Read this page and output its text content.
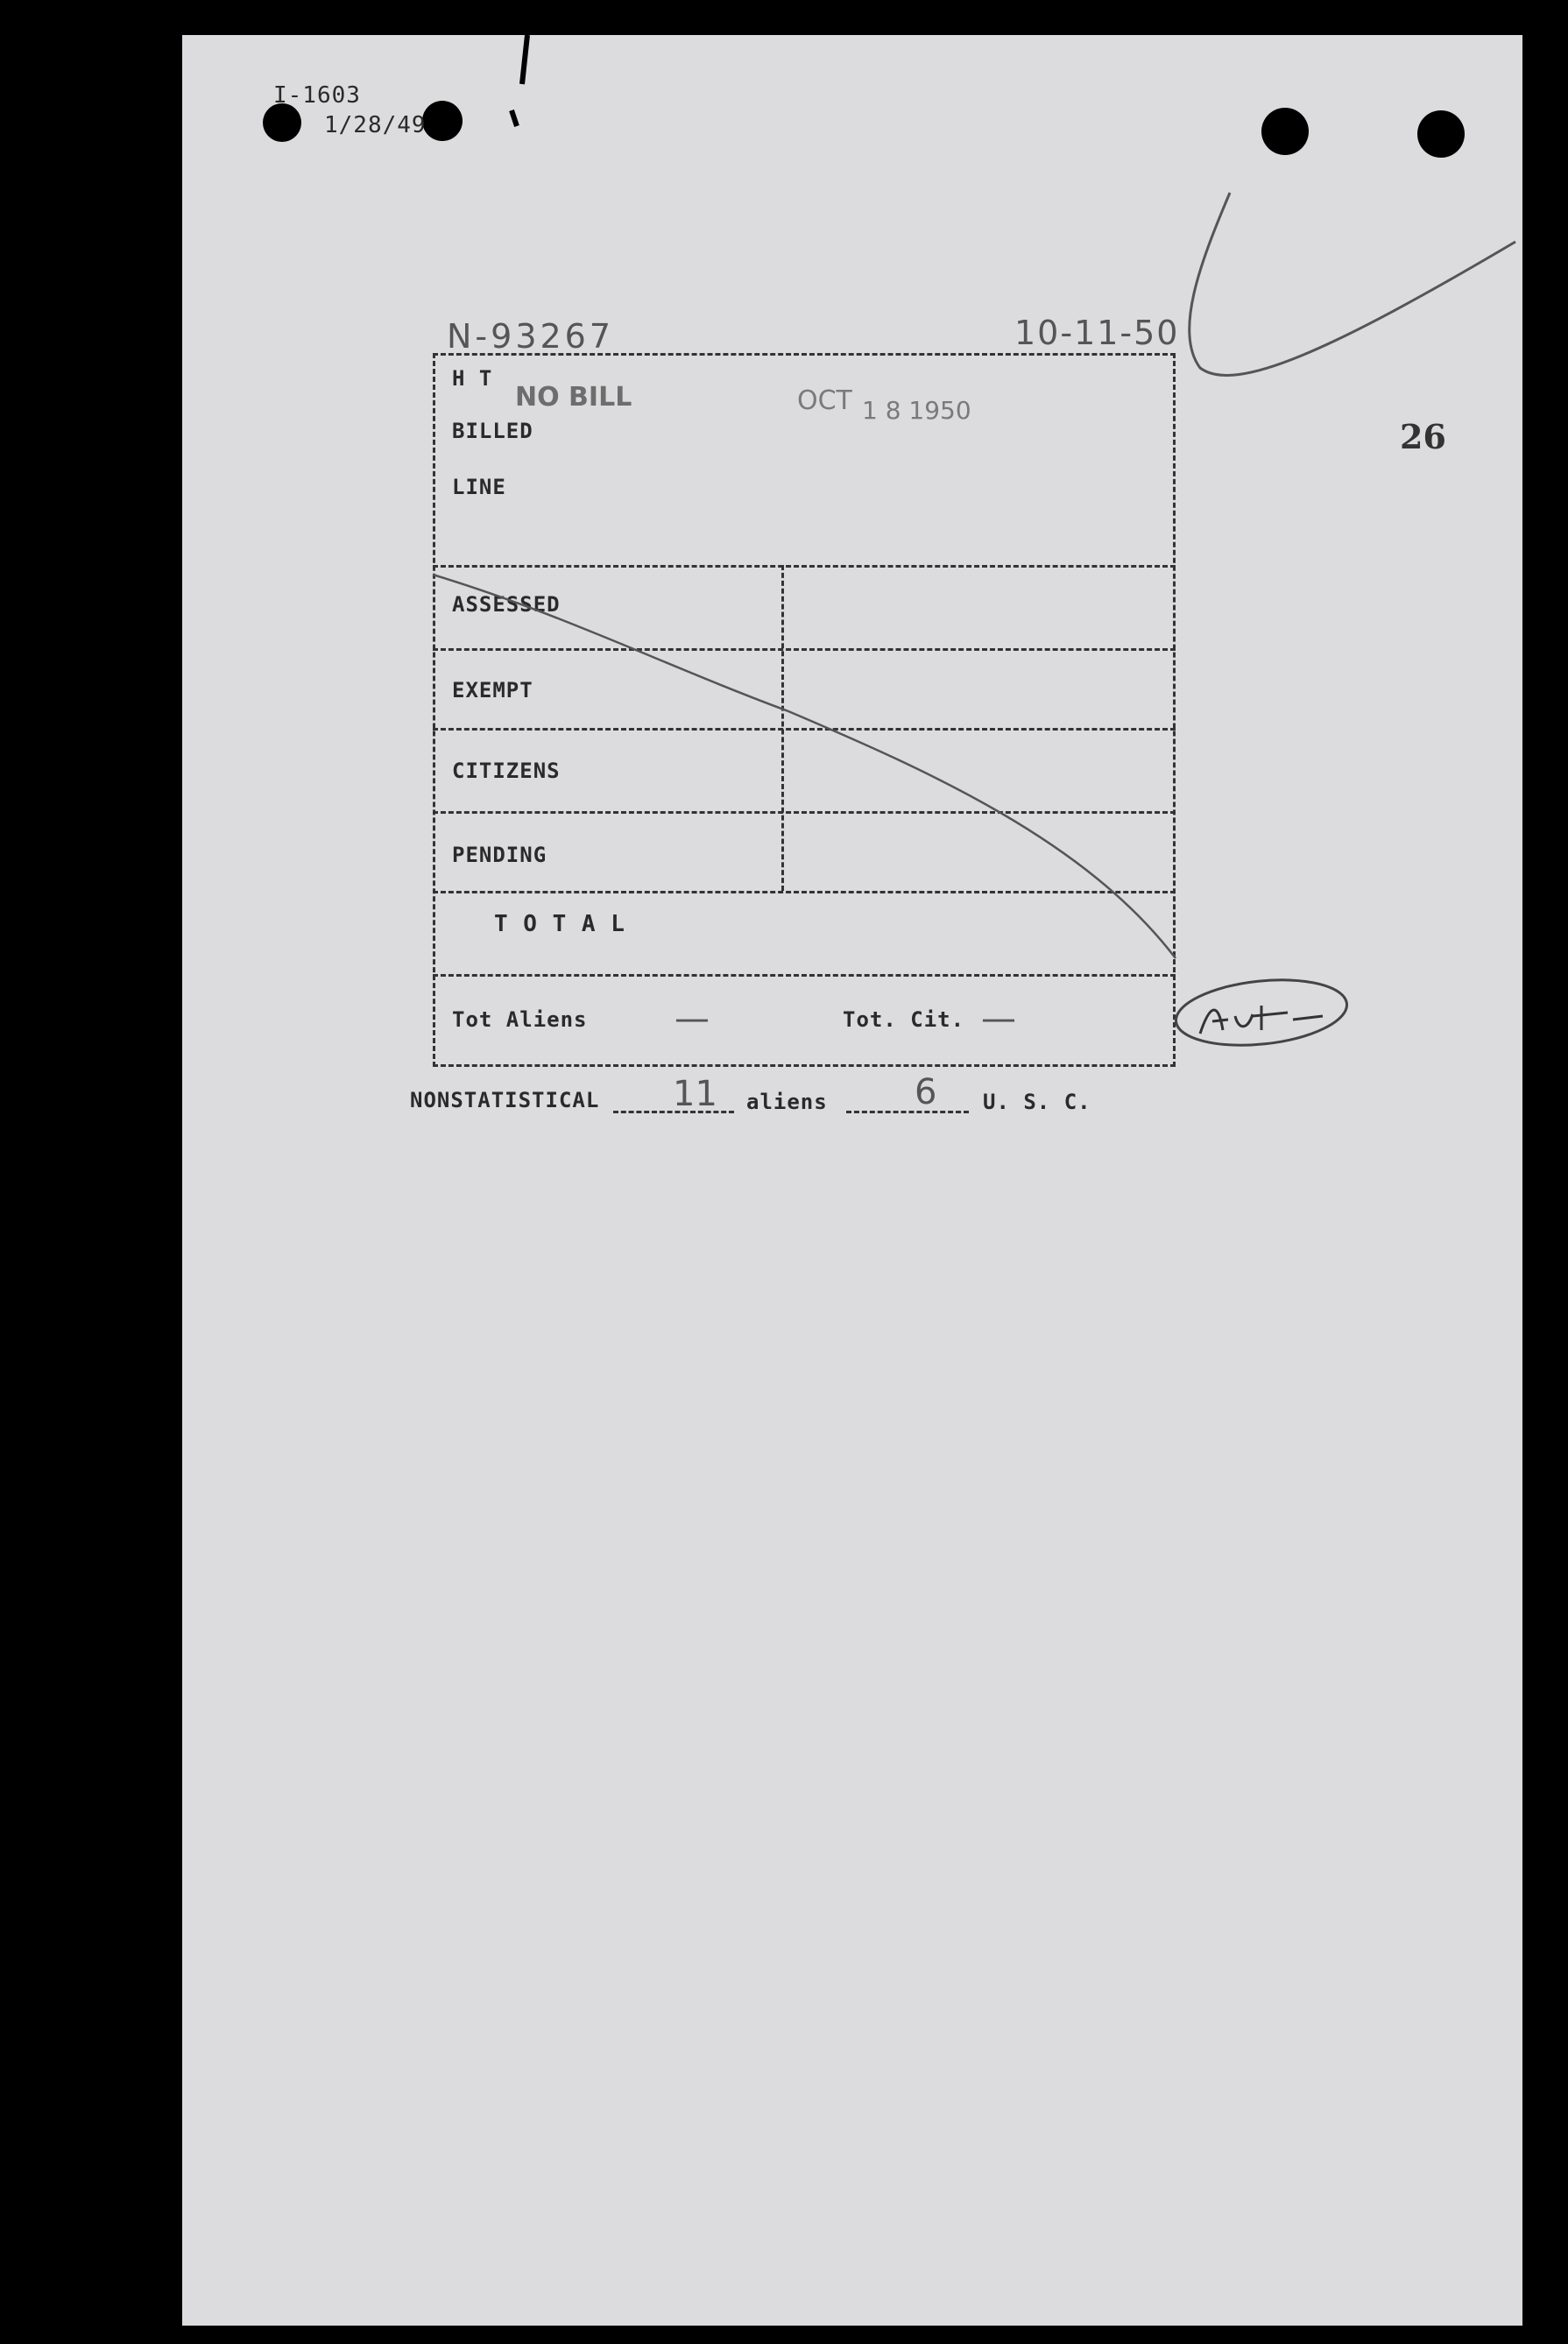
I-1603
1/28/49
N-93267	10-11-50
26
H T
NO BILL	OCT 1 8 1950
BILLED
LINE
ASSESSED
EXEMPT
CITIZENS
PENDING
T O T A L
Tot Aliens —	Tot. Cit. —
NONSTATISTICAL 11 aliens 6 U. S. C.
